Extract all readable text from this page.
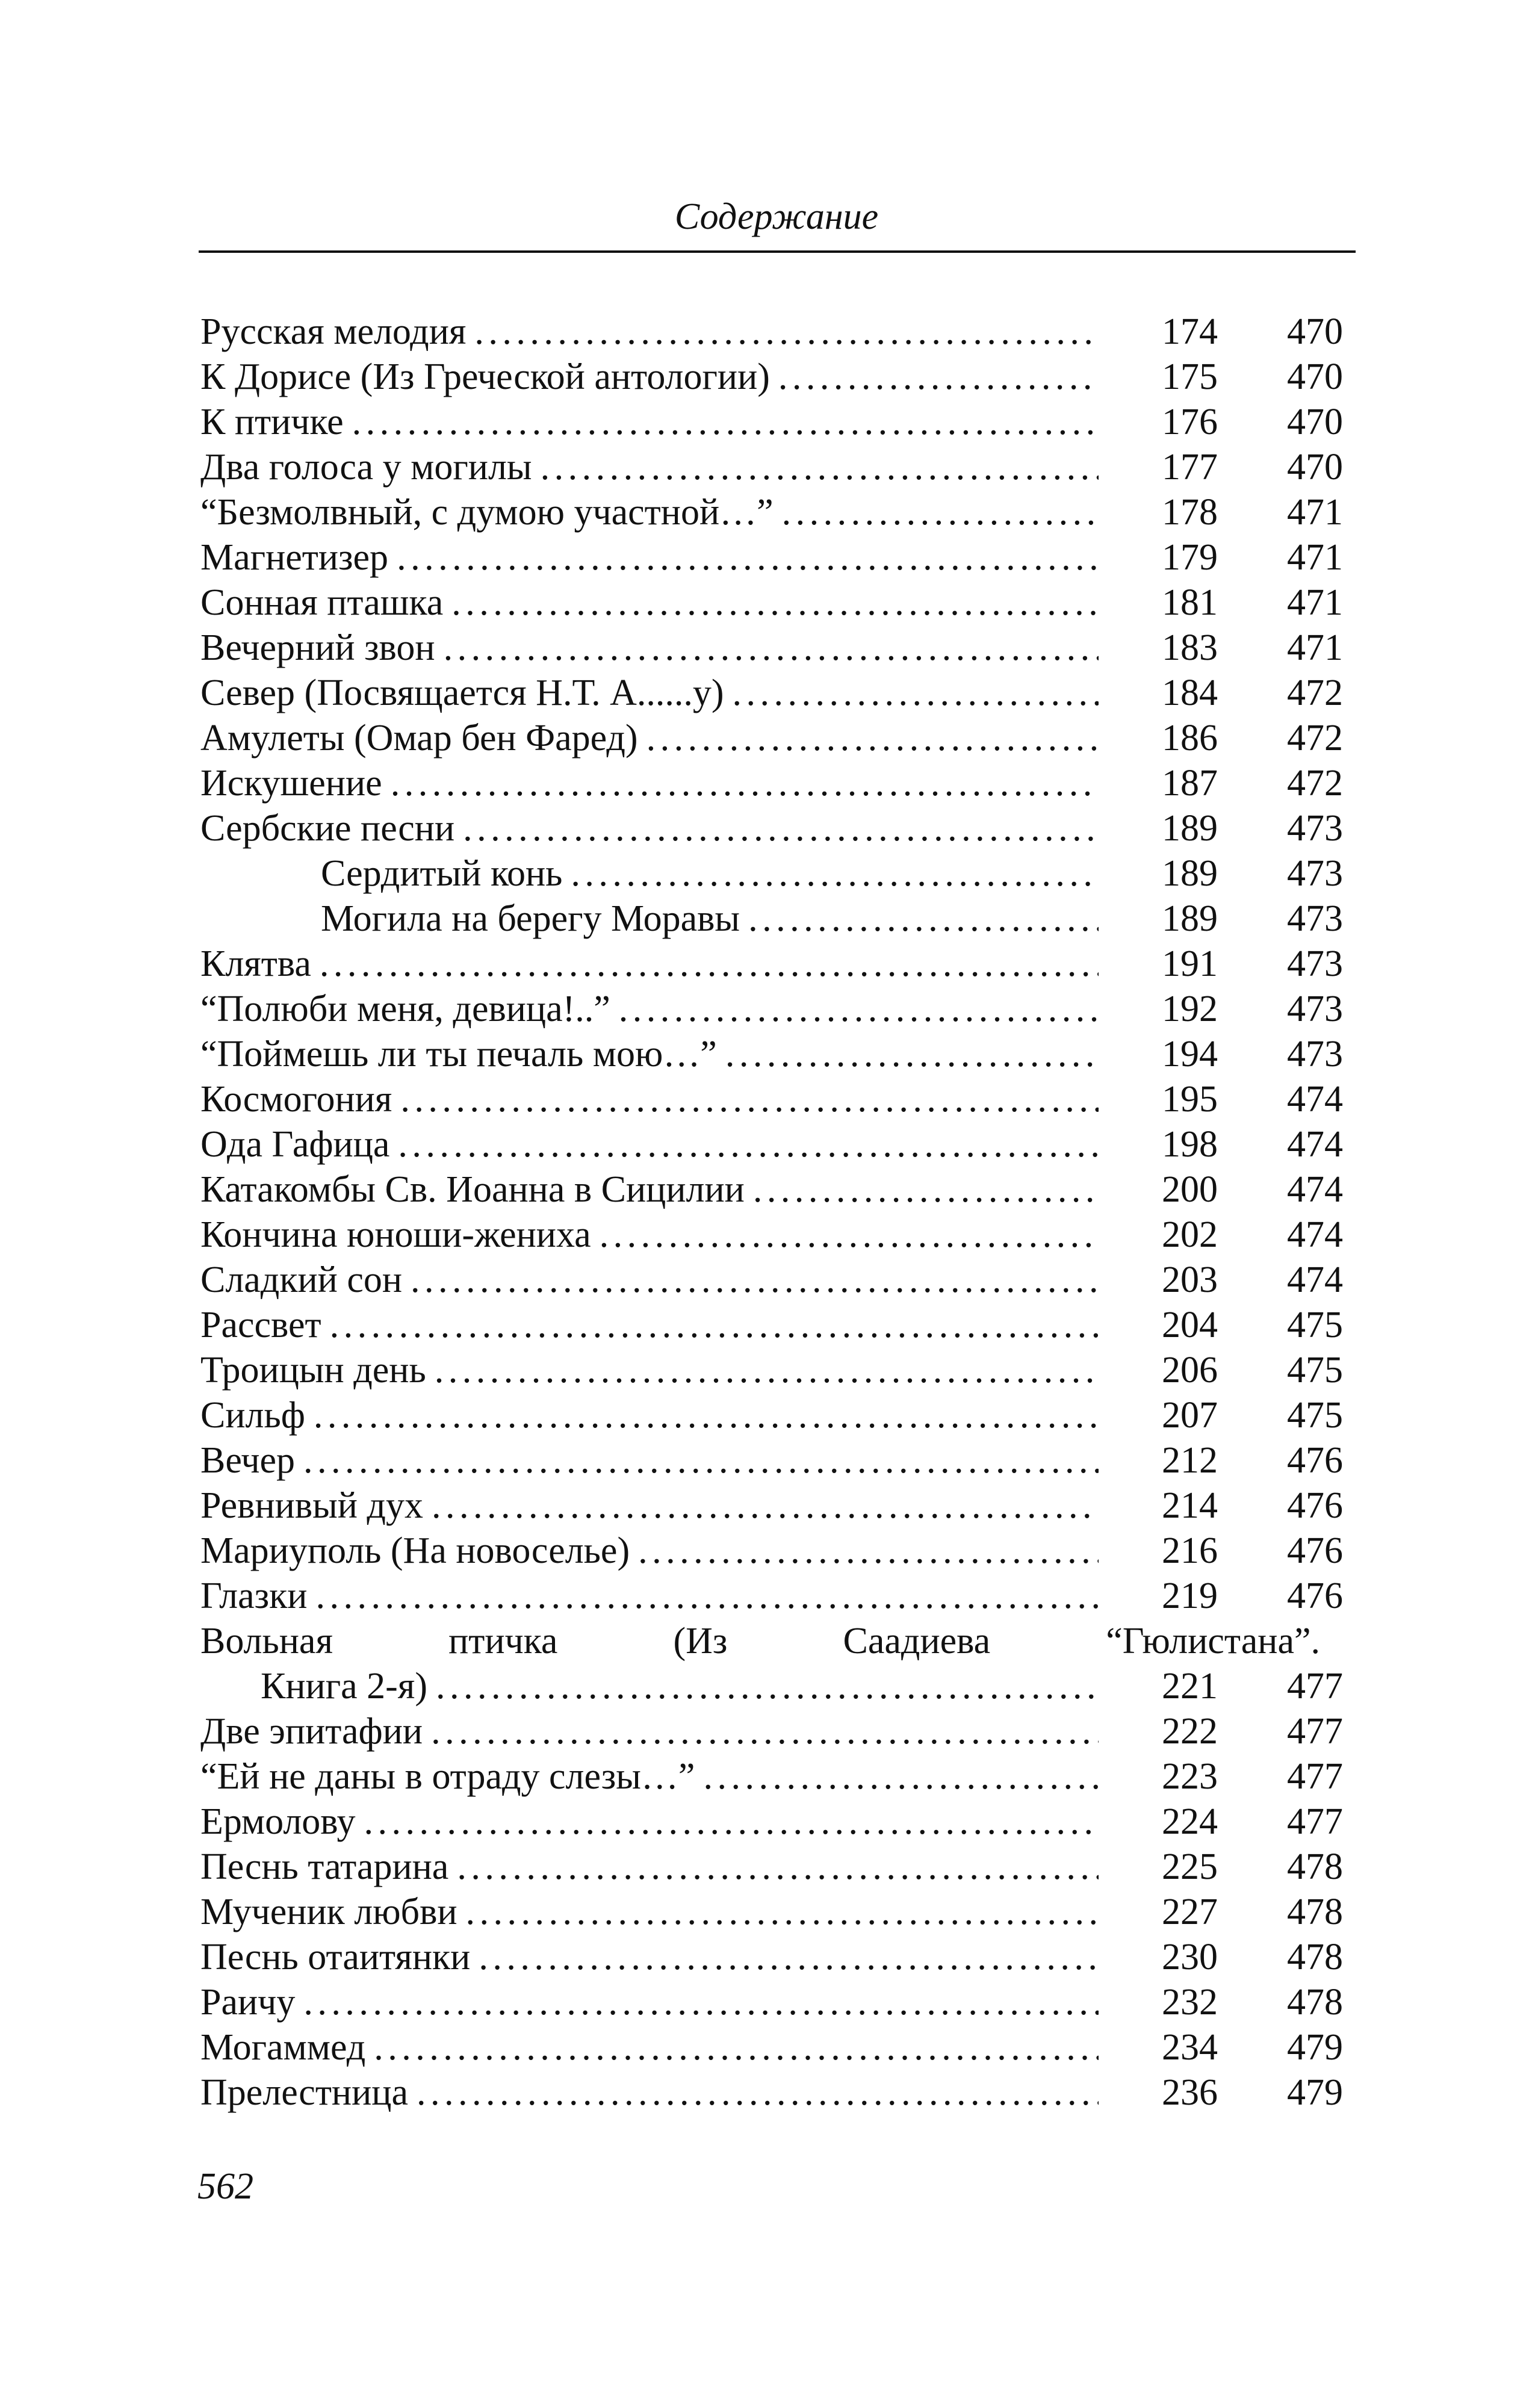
Содержание
Русская мелодия . . .	174	470
К Дорисе (Из Греческой антологии) . . .	175	470
К птичке . . .	176	470
Два голоса у могилы . . .	177	470
“Безмолвный, с думою участной…” . . .	178	471
Магнетизер . . .	179	471
Сонная пташка . . .	181	471
Вечерний звон . . .	183	471
Север (Посвящается Н.Т. А......у) . . .	184	472
Амулеты (Омар бен Фаред) . . .	186	472
Искушение . . .	187	472
Сербские песни . . .	189	473
Сердитый конь . . .	189	473
Могила на берегу Моравы . . .	189	473
Клятва . . .	191	473
“Полюби меня, девица!..” . . .	192	473
“Поймешь ли ты печаль мою…” . . .	194	473
Космогония . . .	195	474
Ода Гафица . . .	198	474
Катакомбы Св. Иоанна в Сицилии . . .	200	474
Кончина юноши-жениха . . .	202	474
Сладкий сон . . .	203	474
Рассвет . . .	204	475
Троицын день . . .	206	475
Сильф . . .	207	475
Вечер . . .	212	476
Ревнивый дух . . .	214	476
Мариуполь (На новоселье) . . .	216	476
Глазки . . .	219	476
Вольная	птичка	(Из	Саадиева	“Гюлистана”.
Книга 2-я) . . .	221	477
Две эпитафии . . .	222	477
“Ей не даны в отраду слезы…” . . .	223	477
Ермолову . . .	224	477
Песнь татарина . . .	225	478
Мученик любви . . .	227	478
Песнь отаитянки . . .	230	478
Раичу . . .	232	478
Могаммед . . .	234	479
Прелестница . . .	236	479
562
